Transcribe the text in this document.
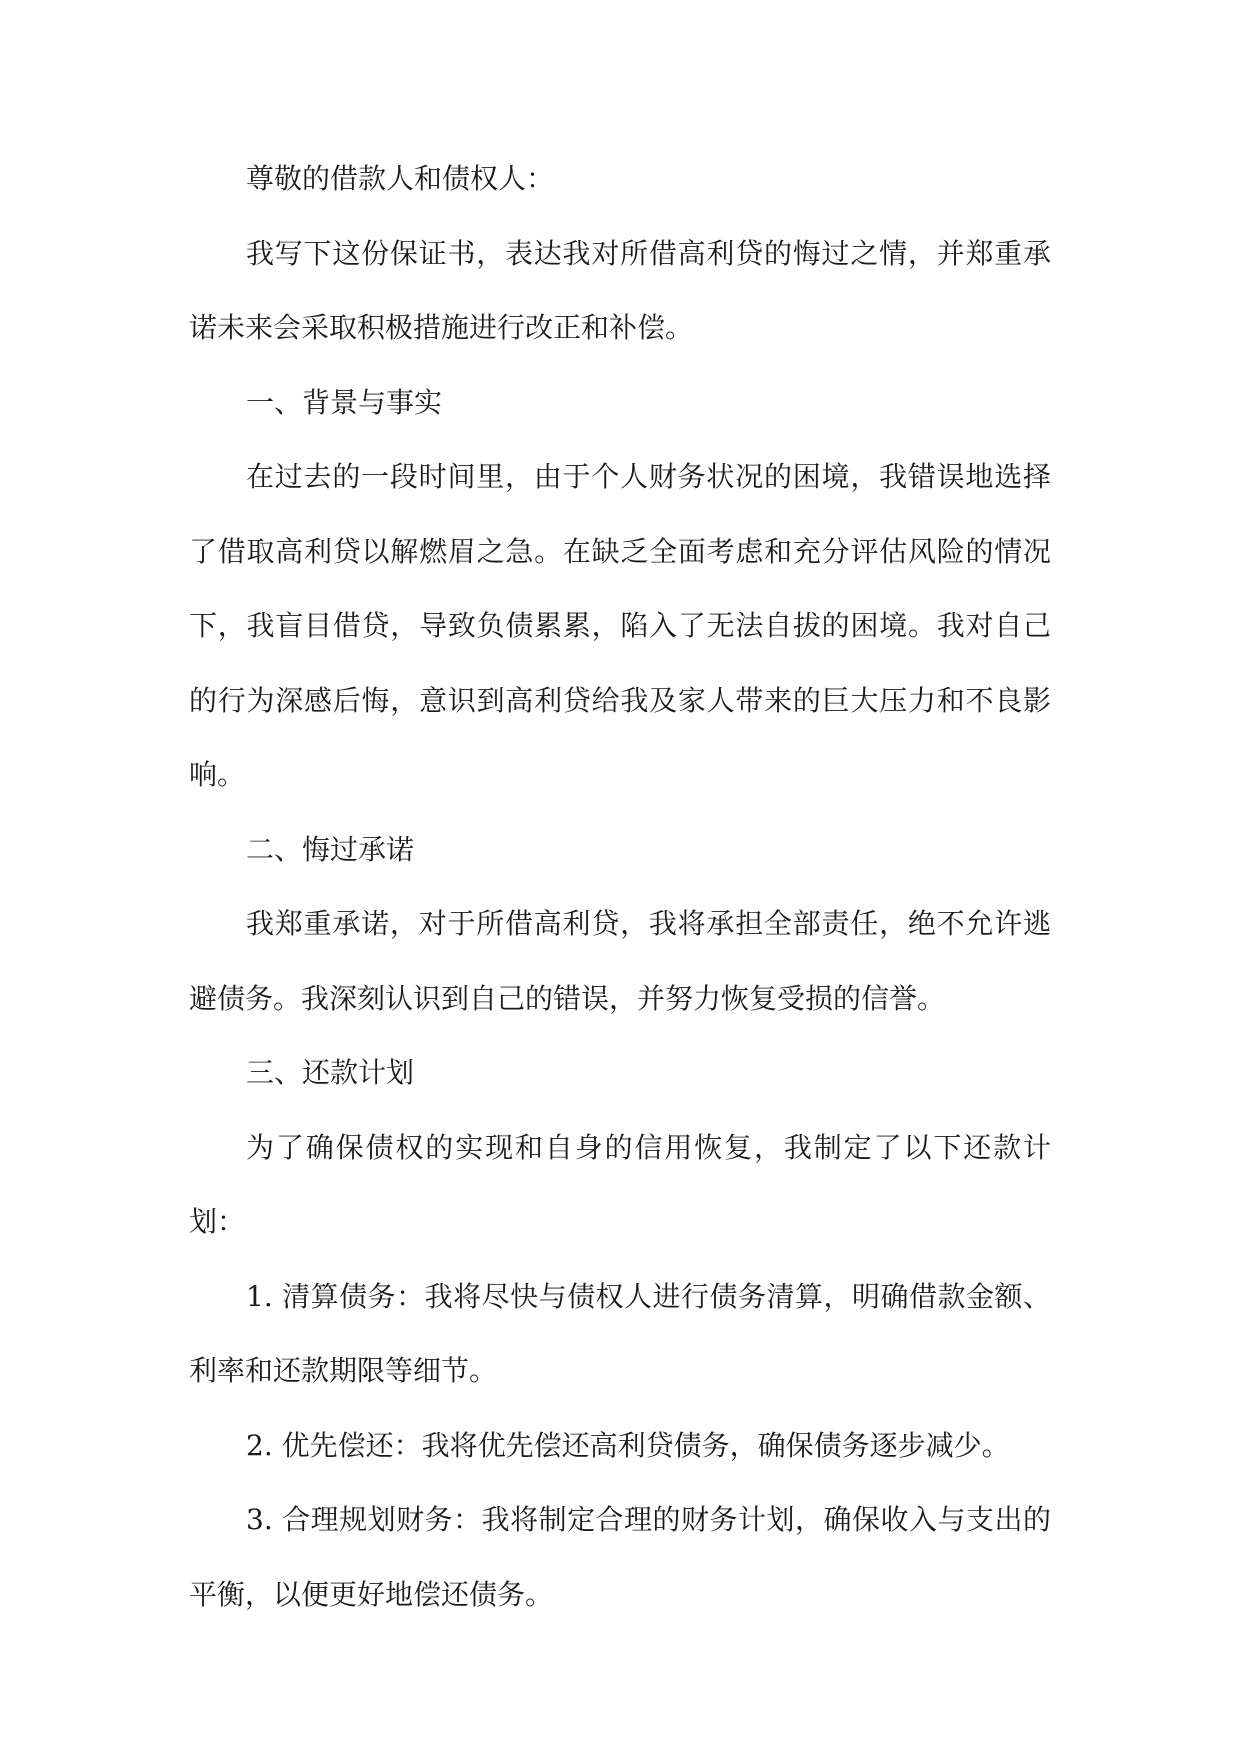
尊敬的借款人和债权人：

我写下这份保证书，表达我对所借高利贷的悔过之情，并郑重承诺未来会采取积极措施进行改正和补偿。

一、背景与事实

在过去的一段时间里，由于个人财务状况的困境，我错误地选择了借取高利贷以解燃眉之急。在缺乏全面考虑和充分评估风险的情况下，我盲目借贷，导致负债累累，陷入了无法自拔的困境。我对自己的行为深感后悔，意识到高利贷给我及家人带来的巨大压力和不良影响。

二、悔过承诺

我郑重承诺，对于所借高利贷，我将承担全部责任，绝不允许逃避债务。我深刻认识到自己的错误，并努力恢复受损的信誉。

三、还款计划

为了确保债权的实现和自身的信用恢复，我制定了以下还款计划：

1. 清算债务：我将尽快与债权人进行债务清算，明确借款金额、利率和还款期限等细节。

2. 优先偿还：我将优先偿还高利贷债务，确保债务逐步减少。

3. 合理规划财务：我将制定合理的财务计划，确保收入与支出的平衡，以便更好地偿还债务。
